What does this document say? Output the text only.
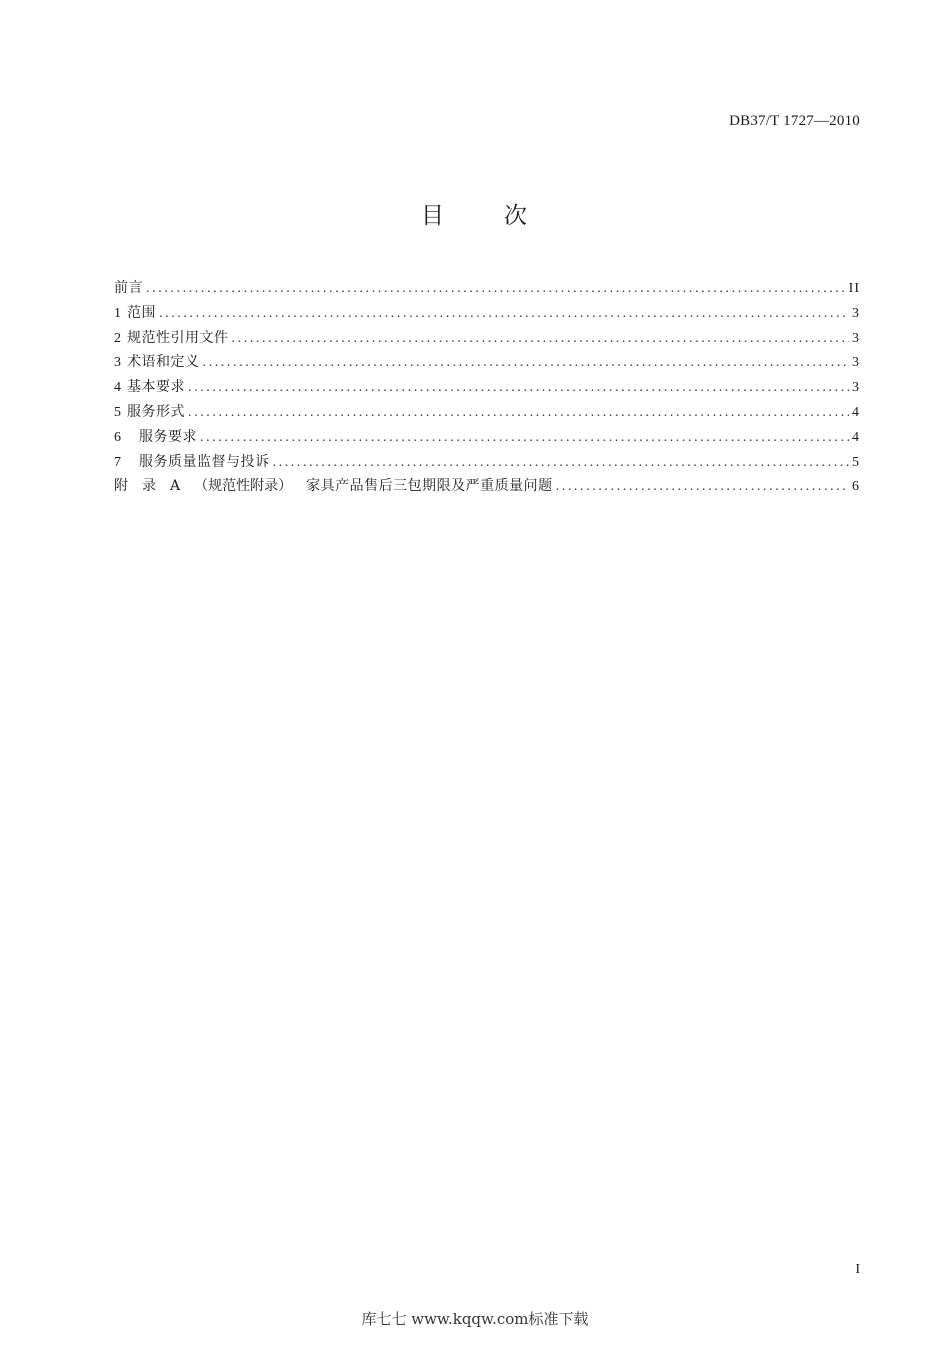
DB37/T 1727—2010
目	次
前言 .....	II
1 范围 .....	3
2 规范性引用文件 .....	3
3 术语和定义 .....	3
4 基本要求 .....	3
5 服务形式 .....	4
6 服务要求 .....	4
7 服务质量监督与投诉 .....	5
附 录 A （规范性附录）	家具产品售后三包期限及严重质量问题 .....	6
I
库七七 www.kqqw.com标准下载
